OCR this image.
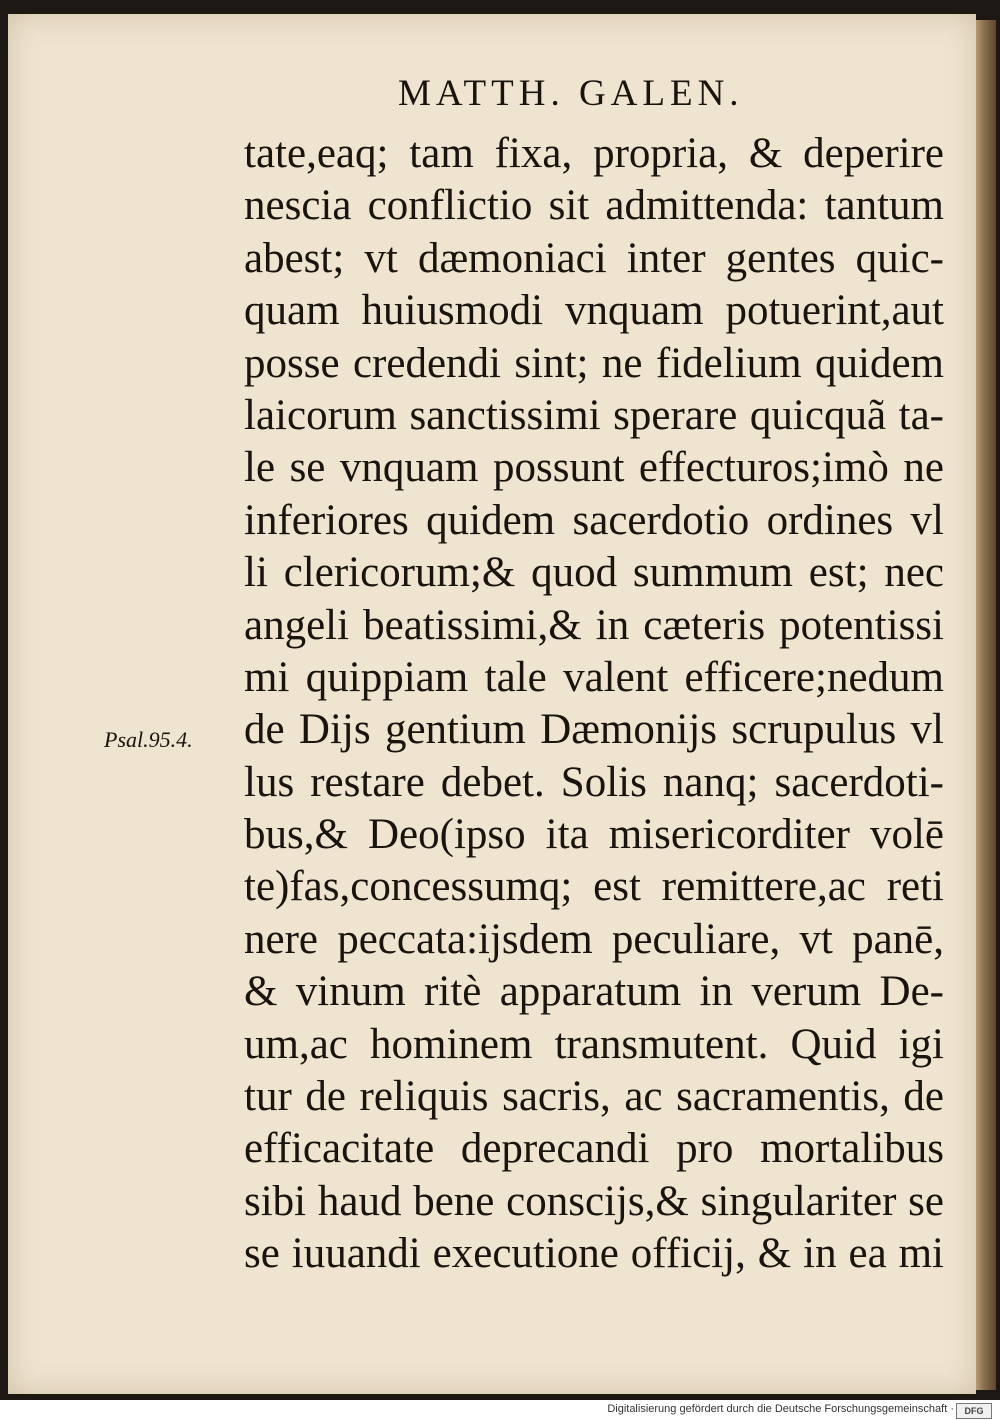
MATTH. GALEN.
Psal.95.4.
tate,eaq; tam fixa, propria, & deperire
nescia conflictio sit admittenda: tantum
abest; vt dæmoniaci inter gentes quic-
quam huiusmodi vnquam potuerint,aut
posse credendi sint; ne fidelium quidem
laicorum sanctissimi sperare quicquã ta-
le se vnquam possunt effecturos;imò ne
inferiores quidem sacerdotio ordines vl
li clericorum;& quod summum est; nec
angeli beatissimi,& in cæteris potentissi
mi quippiam tale valent efficere;nedum
de Dijs gentium Dæmonijs scrupulus vl
lus restare debet. Solis nanq; sacerdoti-
bus,& Deo(ipso ita misericorditer volē
te)fas,concessumq; est remittere,ac reti
nere peccata:ijsdem peculiare, vt panē,
& vinum ritè apparatum in verum De-
um,ac hominem transmutent. Quid igi
tur de reliquis sacris, ac sacramentis, de
efficacitate deprecandi pro mortalibus
sibi haud bene conscijs,& singulariter se
se iuuandi executione officij, & in ea mi
Digitalisierung gefördert durch die Deutsche Forschungsgemeinschaft ·	DFG
